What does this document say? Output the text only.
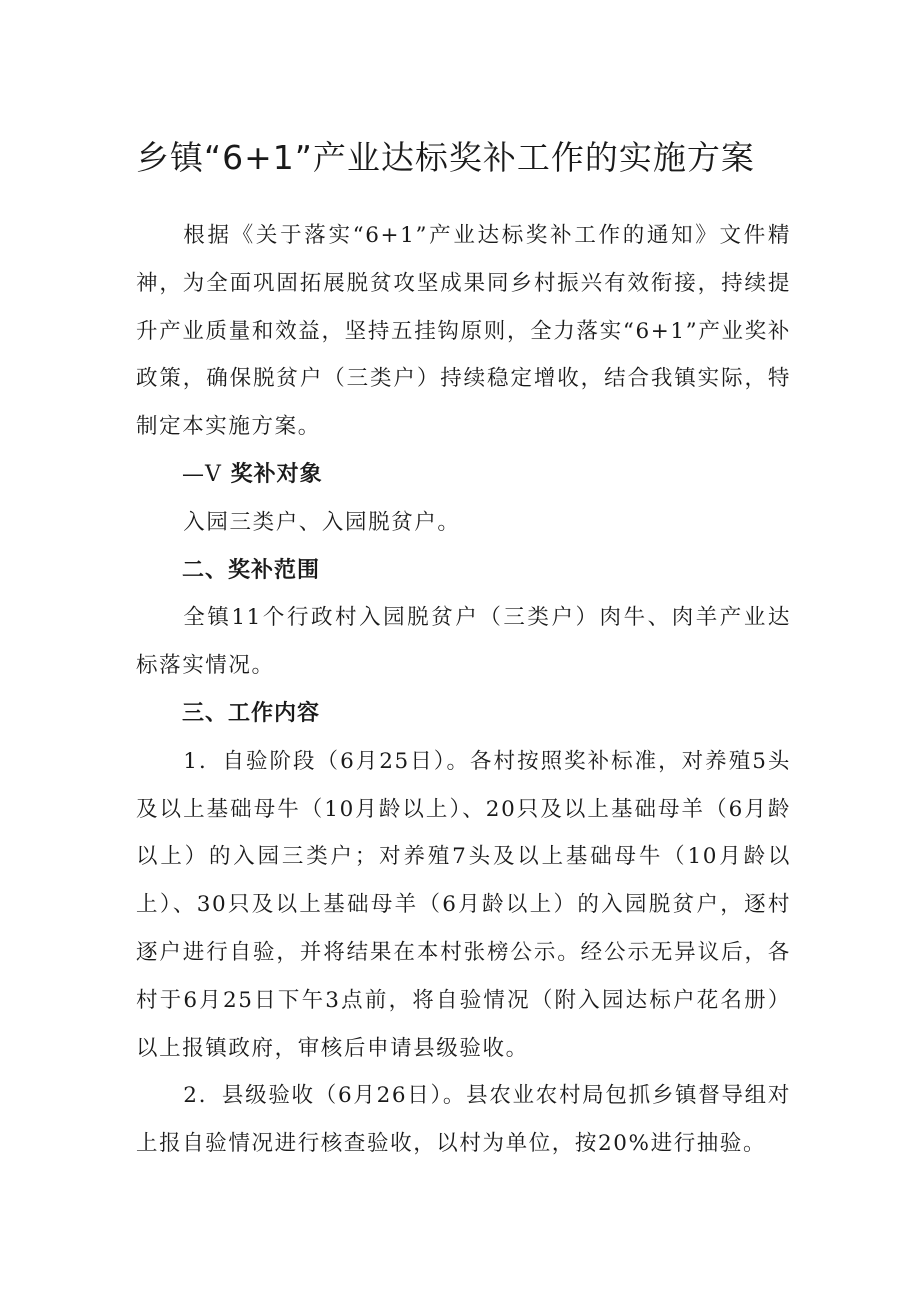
乡镇“6+1”产业达标奖补工作的实施方案

根据《关于落实“6+1”产业达标奖补工作的通知》文件精神，为全面巩固拓展脱贫攻坚成果同乡村振兴有效衔接，持续提升产业质量和效益，坚持五挂钩原则，全力落实“6+1”产业奖补政策，确保脱贫户（三类户）持续稳定增收，结合我镇实际，特制定本实施方案。

—V 奖补对象

入园三类户、入园脱贫户。

二、奖补范围

全镇11个行政村入园脱贫户（三类户）肉牛、肉羊产业达标落实情况。

三、工作内容

1．自验阶段（6月25日）。各村按照奖补标准，对养殖5头及以上基础母牛（10月龄以上）、20只及以上基础母羊（6月龄以上）的入园三类户；对养殖7头及以上基础母牛（10月龄以上）、30只及以上基础母羊（6月龄以上）的入园脱贫户，逐村逐户进行自验，并将结果在本村张榜公示。经公示无异议后，各村于6月25日下午3点前，将自验情况（附入园达标户花名册）以上报镇政府，审核后申请县级验收。

2．县级验收（6月26日）。县农业农村局包抓乡镇督导组对上报自验情况进行核查验收，以村为单位，按20%进行抽验。
